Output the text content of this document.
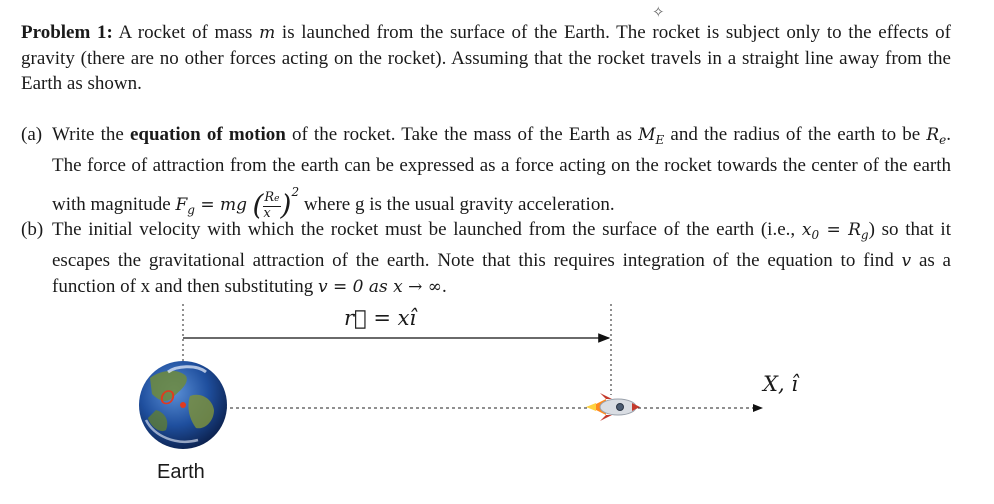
✧
Problem 1: A rocket of mass m is launched from the surface of the Earth. The rocket is subject only to the effects of gravity (there are no other forces acting on the rocket). Assuming that the rocket travels in a straight line away from the Earth as shown.
(a) Write the equation of motion of the rocket. Take the mass of the Earth as $M_E$ and the radius of the earth to be $R_e$. The force of attraction from the earth can be expressed as a force acting on the rocket towards the center of the earth with magnitude $F_g$ = mg ( $\frac{Re}{x} )^2$ where g is the usual gravity acceleration.
(b) The initial velocity with which the rocket must be launched from the surface of the earth (i.e., $x_0 = R_g$) so that it escapes the gravitational attraction of the earth. Note that this requires integration of the equation to find v as a function of x and then substituting v = 0 as x → ∞.
r⃗ = xî
X, î
O
Earth
